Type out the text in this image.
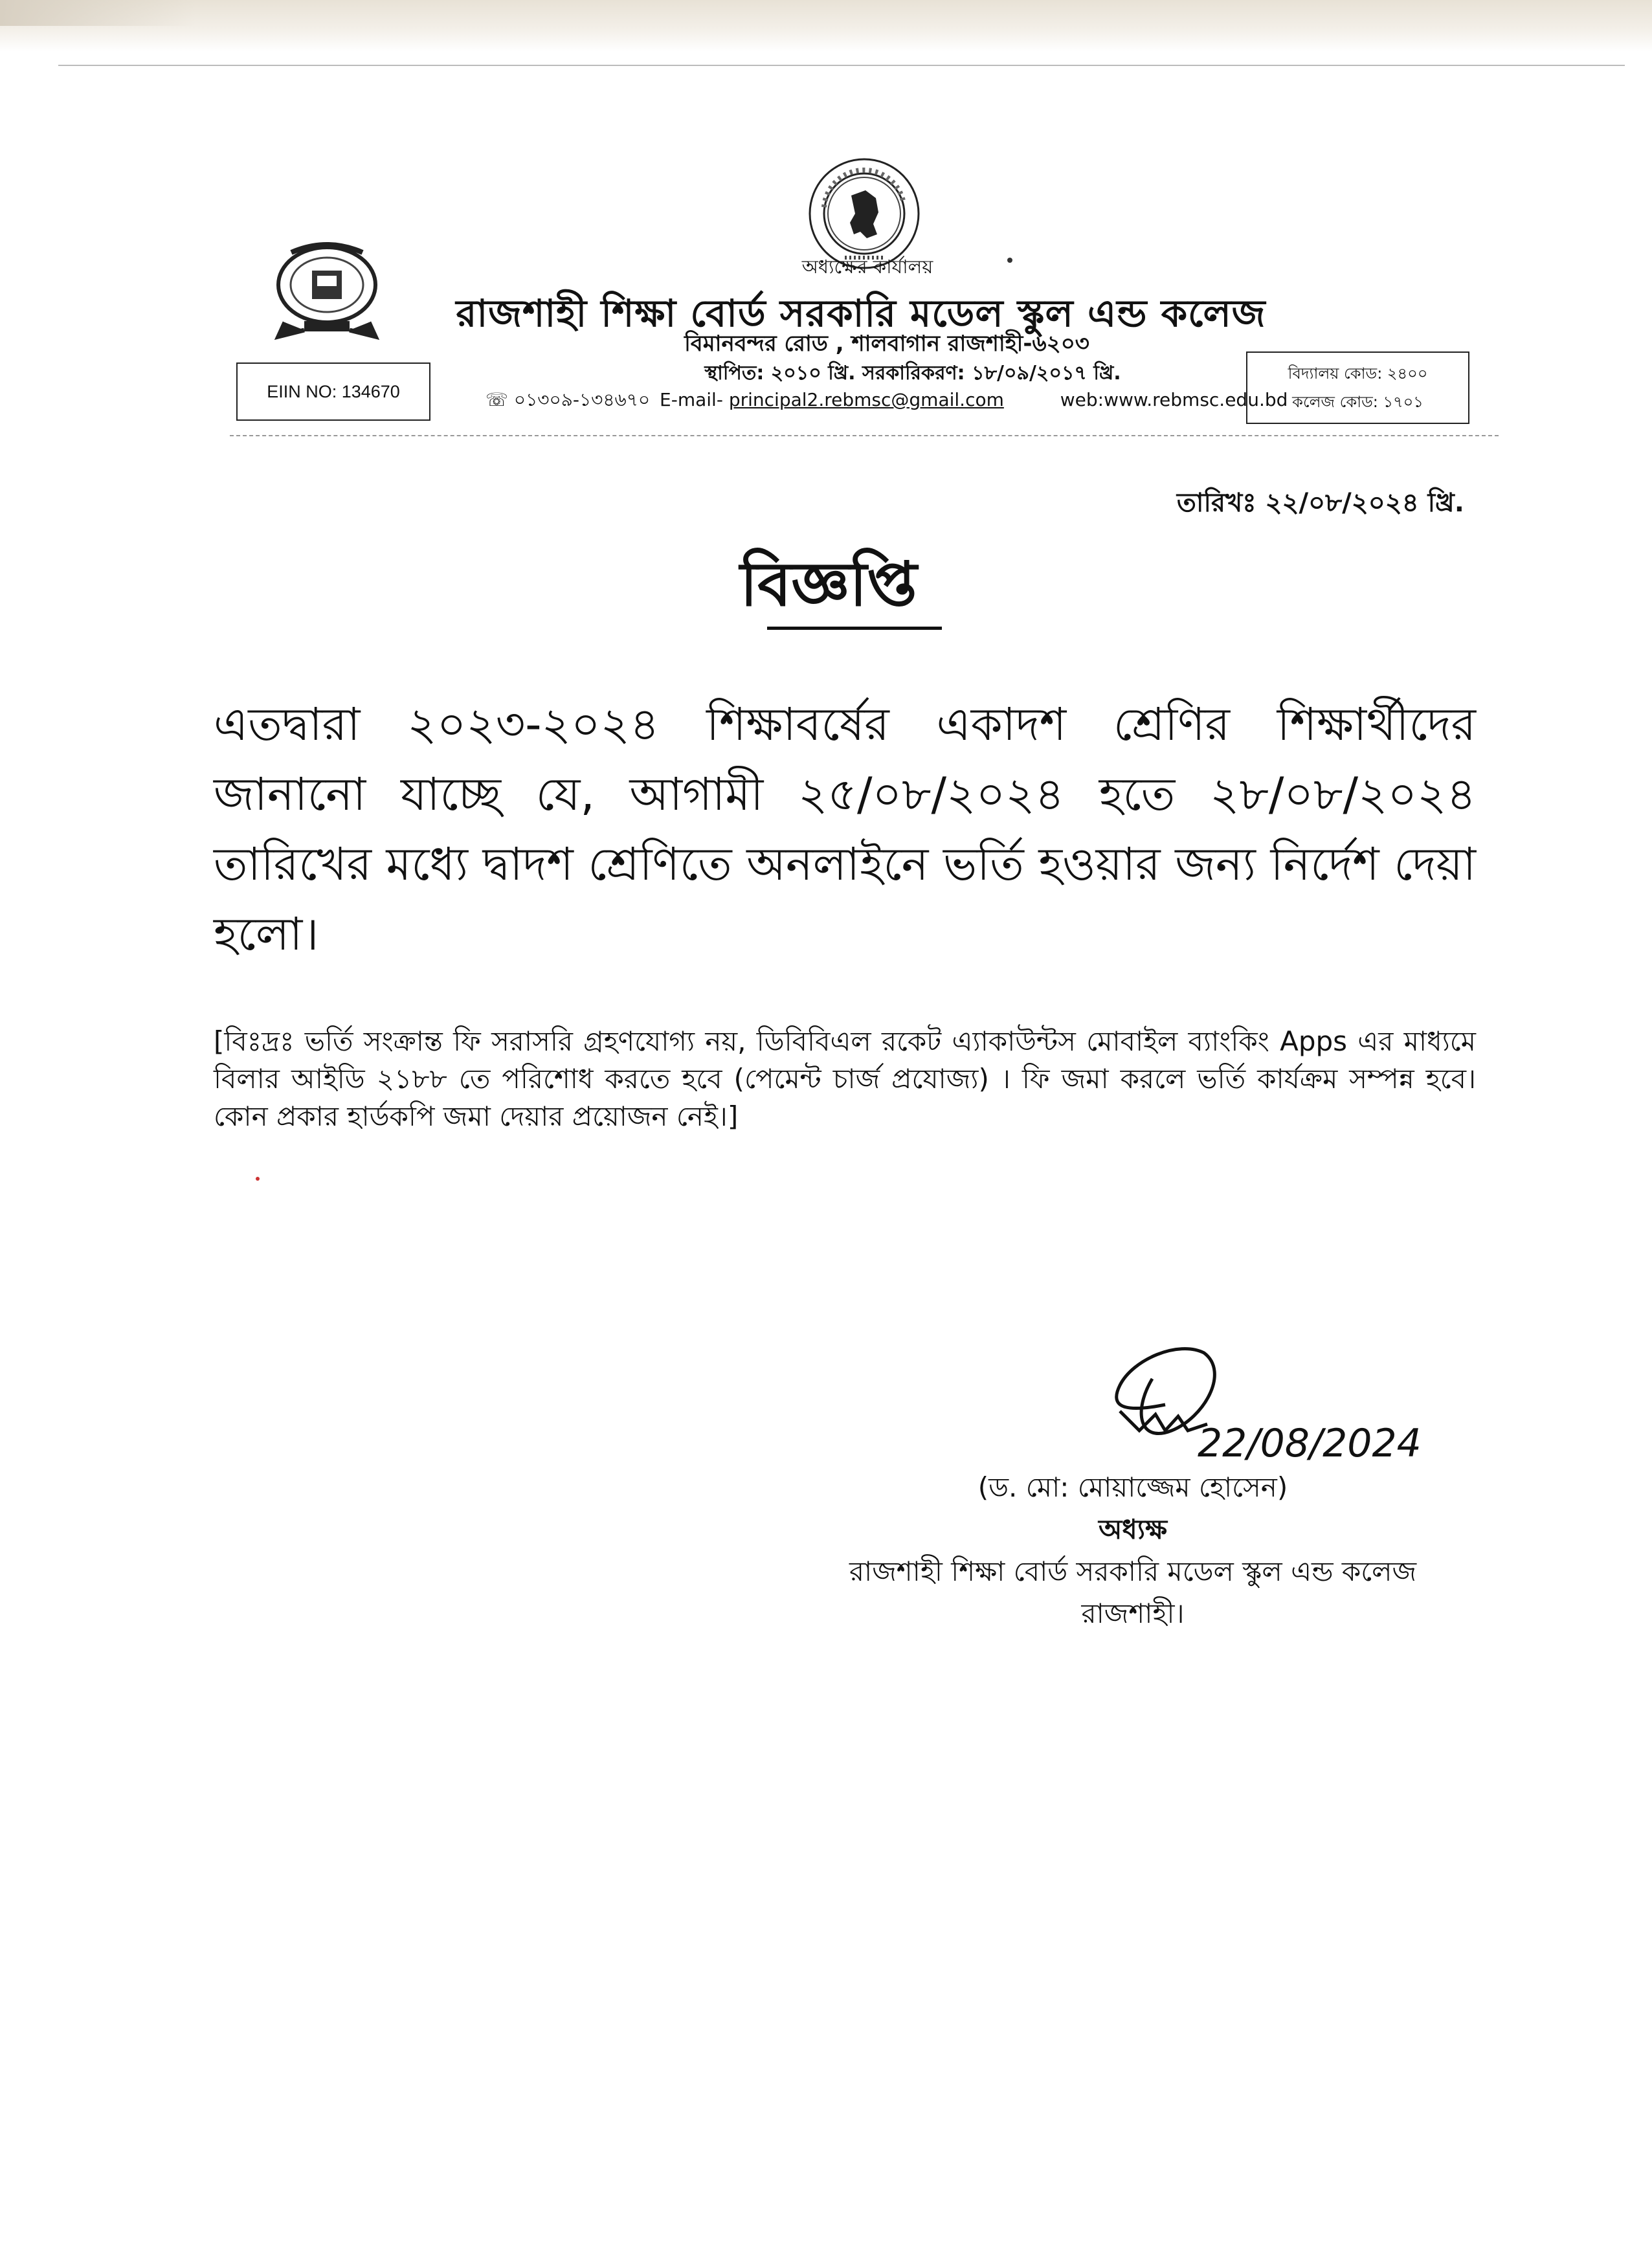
অধ্যক্ষের কার্যালয়
রাজশাহী শিক্ষা বোর্ড সরকারি মডেল স্কুল এন্ড কলেজ
বিমানবন্দর রোড , শালবাগান রাজশাহী-৬২০৩
স্থাপিত: ২০১০ খ্রি. সরকারিকরণ: ১৮/০৯/২০১৭ খ্রি.
☏ ০১৩০৯-১৩৪৬৭০ E-mail- principal2.rebmsc@gmail.com	web:www.rebmsc.edu.bd
EIIN NO: 134670
বিদ্যালয় কোড: ২৪০০
কলেজ কোড: ১৭০১
তারিখঃ ২২/০৮/২০২৪ খ্রি.
বিজ্ঞপ্তি
এতদ্বারা ২০২৩-২০২৪ শিক্ষাবর্ষের একাদশ শ্রেণির শিক্ষার্থীদের জানানো যাচ্ছে যে, আগামী ২৫/০৮/২০২৪ হতে ২৮/০৮/২০২৪ তারিখের মধ্যে দ্বাদশ শ্রেণিতে অনলাইনে ভর্তি হওয়ার জন্য নির্দেশ দেয়া হলো।
[বিঃদ্রঃ ভর্তি সংক্রান্ত ফি সরাসরি গ্রহণযোগ্য নয়, ডিবিবিএল রকেট এ্যাকাউন্টস মোবাইল ব্যাংকিং Apps এর মাধ্যমে বিলার আইডি ২১৮৮ তে পরিশোধ করতে হবে (পেমেন্ট চার্জ প্রযোজ্য) । ফি জমা করলে ভর্তি কার্যক্রম সম্পন্ন হবে। কোন প্রকার হার্ডকপি জমা দেয়ার প্রয়োজন নেই।]
22/08/2024
(ড. মো: মোয়াজ্জেম হোসেন)
অধ্যক্ষ
রাজশাহী শিক্ষা বোর্ড সরকারি মডেল স্কুল এন্ড কলেজ
রাজশাহী।
